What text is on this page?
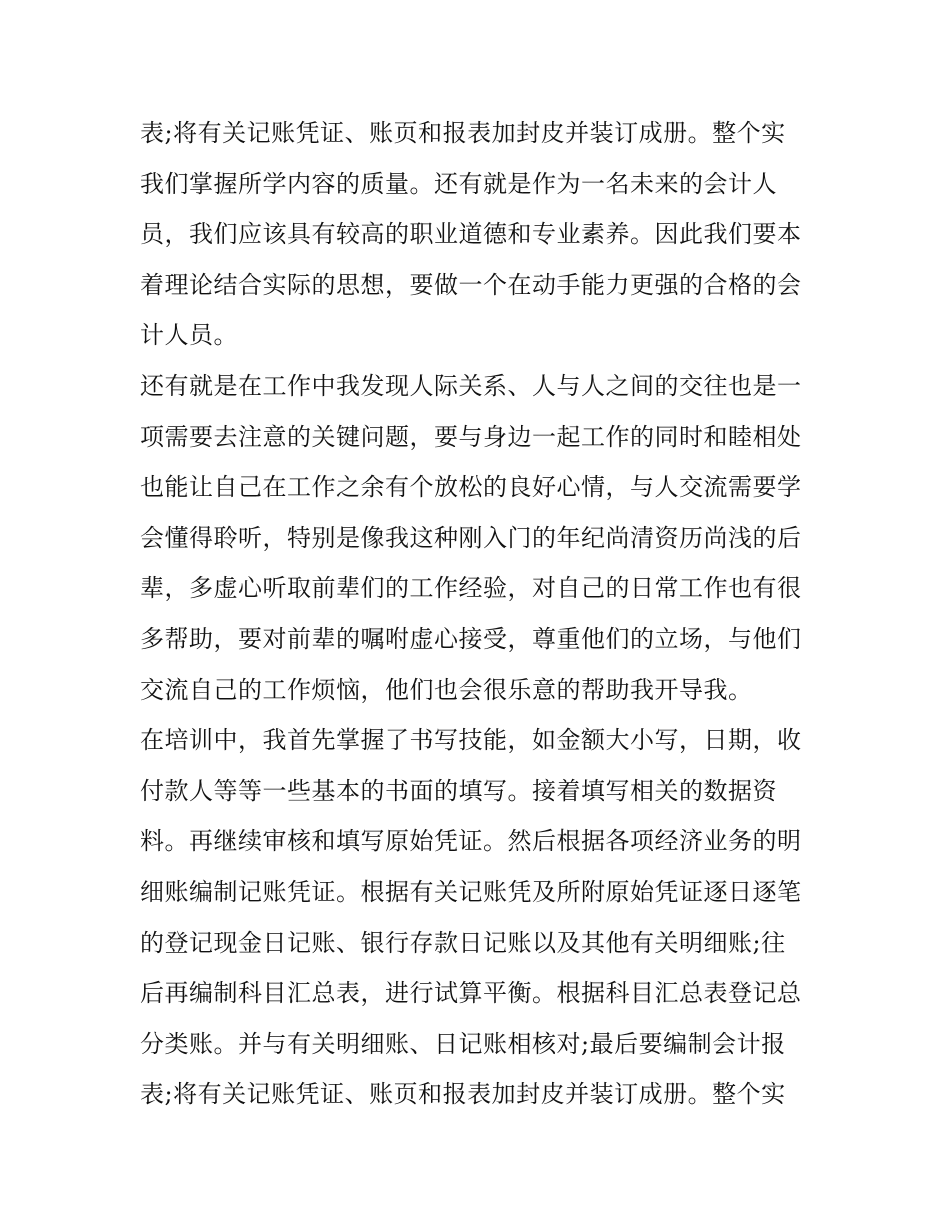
表;将有关记账凭证、账页和报表加封皮并装订成册。整个实
我们掌握所学内容的质量。还有就是作为一名未来的会计人
员，我们应该具有较高的职业道德和专业素养。因此我们要本
着理论结合实际的思想，要做一个在动手能力更强的合格的会
计人员。
还有就是在工作中我发现人际关系、人与人之间的交往也是一
项需要去注意的关键问题，要与身边一起工作的同时和睦相处
也能让自己在工作之余有个放松的良好心情，与人交流需要学
会懂得聆听，特别是像我这种刚入门的年纪尚清资历尚浅的后
辈，多虚心听取前辈们的工作经验，对自己的日常工作也有很
多帮助，要对前辈的嘱咐虚心接受，尊重他们的立场，与他们
交流自己的工作烦恼，他们也会很乐意的帮助我开导我。
在培训中，我首先掌握了书写技能，如金额大小写，日期，收
付款人等等一些基本的书面的填写。接着填写相关的数据资
料。再继续审核和填写原始凭证。然后根据各项经济业务的明
细账编制记账凭证。根据有关记账凭及所附原始凭证逐日逐笔
的登记现金日记账、银行存款日记账以及其他有关明细账;往
后再编制科目汇总表，进行试算平衡。根据科目汇总表登记总
分类账。并与有关明细账、日记账相核对;最后要编制会计报
表;将有关记账凭证、账页和报表加封皮并装订成册。整个实
